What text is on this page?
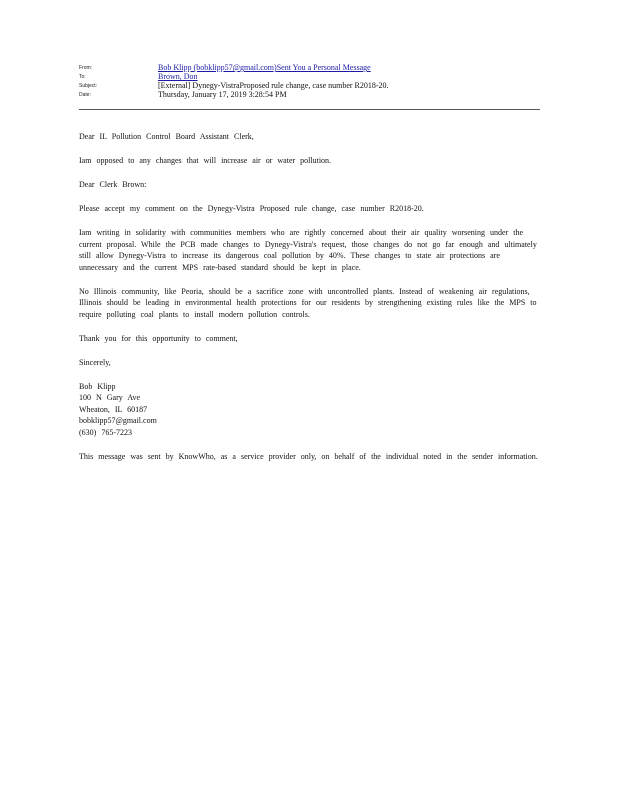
From:	Bob Klipp (bobklipp57@gmail.com)Sent You a Personal Message
To:	Brown, Don
Subject:	[External] Dynegy-VistraProposed rule change, case number R2018-20.
Date:	Thursday, January 17, 2019 3:28:54 PM

Dear IL Pollution Control Board Assistant Clerk,

Iam opposed to any changes that will increase air or water pollution.

Dear Clerk Brown:

Please accept my comment on the Dynegy-Vistra Proposed rule change, case number R2018-20.

Iam writing in solidarity with communities members who are rightly concerned about their air quality worsening under the current proposal. While the PCB made changes to Dynegy-Vistra's request, those changes do not go far enough and ultimately still allow Dynegy-Vistra to increase its dangerous coal pollution by 40%. These changes to state air protections are unnecessary and the current MPS rate-based standard should be kept in place.

No Illinois community, like Peoria, should be a sacrifice zone with uncontrolled plants. Instead of weakening air regulations, Illinois should be leading in environmental health protections for our residents by strengthening existing rules like the MPS to require polluting coal plants to install modern pollution controls.

Thank you for this opportunity to comment,

Sincerely,

Bob Klipp
100 N Gary Ave
Wheaton, IL 60187
bobklipp57@gmail.com
(630) 765-7223

This message was sent by KnowWho, as a service provider only, on behalf of the individual noted in the sender information.
